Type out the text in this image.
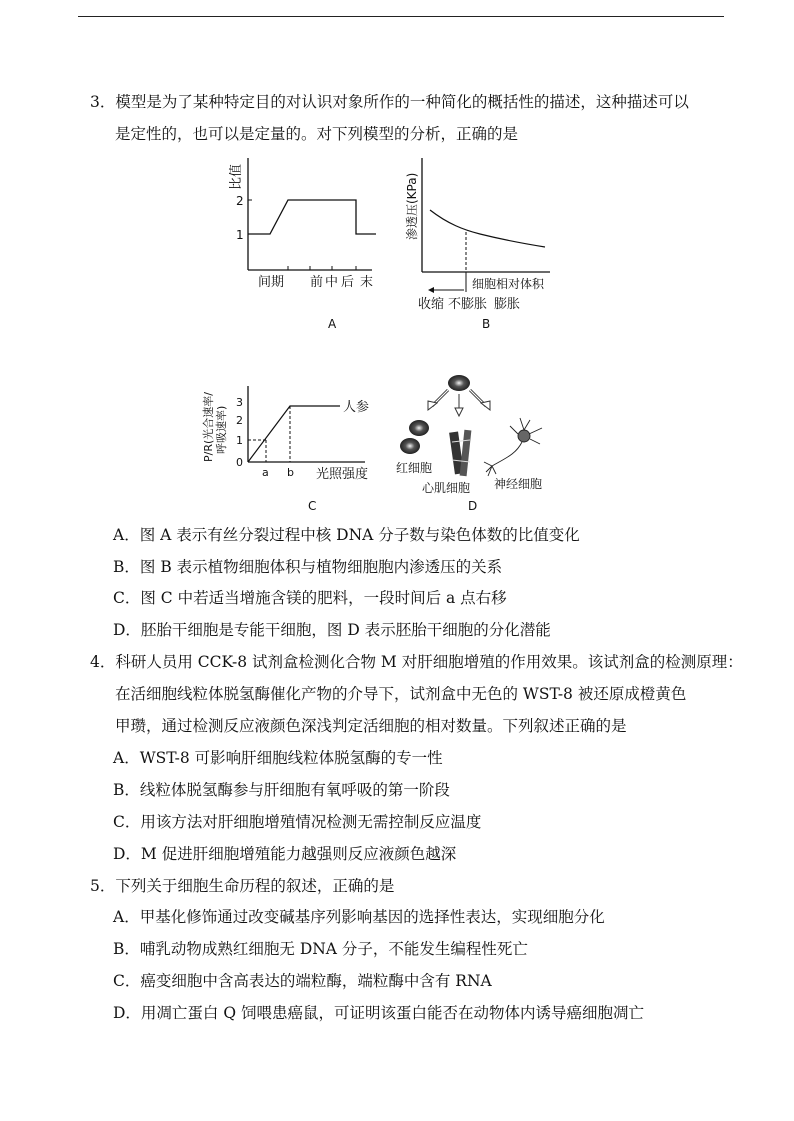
3．模型是为了某种特定目的对认识对象所作的一种简化的概括性的描述，这种描述可以
是定性的，也可以是定量的。对下列模型的分析，正确的是
比值
2
1
间期 前 中 后 末
A
渗透压(KPa)
细胞相对体积
收缩 不膨胀 膨胀
B
P/R(光合速率/ 呼吸速率)
3
2
1
0
a b 光照强度
人参
C
红细胞
心肌细胞 神经细胞
D
A．图 A 表示有丝分裂过程中核 DNA 分子数与染色体数的比值变化
B．图 B 表示植物细胞体积与植物细胞胞内渗透压的关系
C．图 C 中若适当增施含镁的肥料，一段时间后 a 点右移
D．胚胎干细胞是专能干细胞，图 D 表示胚胎干细胞的分化潜能
4．科研人员用 CCK-8 试剂盒检测化合物 M 对肝细胞增殖的作用效果。该试剂盒的检测原理：
在活细胞线粒体脱氢酶催化产物的介导下，试剂盒中无色的 WST-8 被还原成橙黄色
甲瓒，通过检测反应液颜色深浅判定活细胞的相对数量。下列叙述正确的是
A．WST-8 可影响肝细胞线粒体脱氢酶的专一性
B．线粒体脱氢酶参与肝细胞有氧呼吸的第一阶段
C．用该方法对肝细胞增殖情况检测无需控制反应温度
D．M 促进肝细胞增殖能力越强则反应液颜色越深
5．下列关于细胞生命历程的叙述，正确的是
A．甲基化修饰通过改变碱基序列影响基因的选择性表达，实现细胞分化
B．哺乳动物成熟红细胞无 DNA 分子，不能发生编程性死亡
C．癌变细胞中含高表达的端粒酶，端粒酶中含有 RNA
D．用凋亡蛋白 Q 饲喂患癌鼠，可证明该蛋白能否在动物体内诱导癌细胞凋亡
